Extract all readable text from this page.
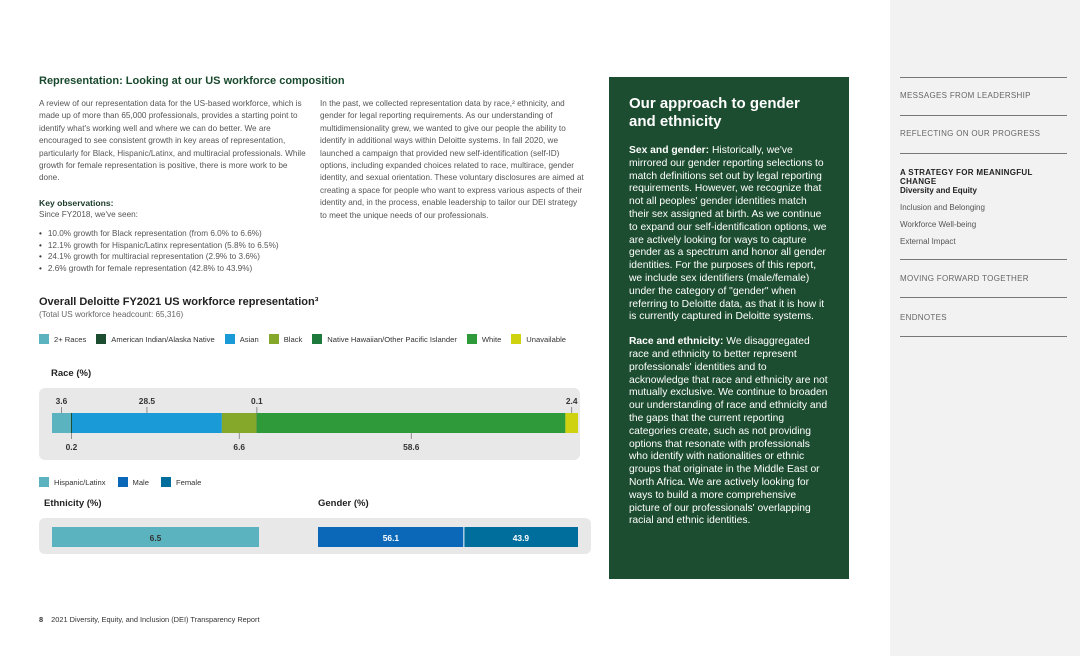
Representation: Looking at our US workforce composition

A review of our representation data for the US-based workforce, which is made up of more than 65,000 professionals, provides a starting point to identify what's working well and where we can do better. We are encouraged to see consistent growth in key areas of representation, particularly for Black, Hispanic/Latinx, and multiracial professionals. While growth for female representation is positive, there is more work to be done.

In the past, we collected representation data by race,² ethnicity, and gender for legal reporting requirements. As our understanding of multidimensionality grew, we wanted to give our people the ability to identify in additional ways within Deloitte systems. In fall 2020, we launched a campaign that provided new self-identification (self-ID) options, including expanded choices related to race, multirace, gender identity, and sexual orientation. These voluntary disclosures are aimed at creating a space for people who want to express various aspects of their identity and, in the process, enable leadership to tailor our DEI strategy to meet the unique needs of our professionals.

Key observations:
Since FY2018, we've seen:
• 10.0% growth for Black representation (from 6.0% to 6.6%)
• 12.1% growth for Hispanic/Latinx representation (5.8% to 6.5%)
• 24.1% growth for multiracial representation (2.9% to 3.6%)
• 2.6% growth for female representation (42.8% to 43.9%)
Overall Deloitte FY2021 US workforce representation³
(Total US workforce headcount: 65,316)
2+ Races	American Indian/Alaska Native	Asian	Black	Native Hawaiian/Other Pacific Islander	White	Unavailable
Race (%)
3.6
0.2
28.5
6.6
0.1
58.6
2.4
Hispanic/Latinx	Male	Female
Ethnicity (%)	Gender (%)
6.5	56.1	43.9
8 2021 Diversity, Equity, and Inclusion (DEI) Transparency Report
Our approach to gender and ethnicity

Sex and gender: Historically, we've mirrored our gender reporting selections to match definitions set out by legal reporting requirements. However, we recognize that not all peoples' gender identities match their sex assigned at birth. As we continue to expand our self-identification options, we are actively looking for ways to capture gender as a spectrum and honor all gender identities. For the purposes of this report, we include sex identifiers (male/female) under the category of "gender" when referring to Deloitte data, as that it is how it is currently captured in Deloitte systems.

Race and ethnicity: We disaggregated race and ethnicity to better represent professionals' identities and to acknowledge that race and ethnicity are not mutually exclusive. We continue to broaden our understanding of race and ethnicity and the gaps that the current reporting categories create, such as not providing options that resonate with professionals who identify with nationalities or ethnic groups that originate in the Middle East or North Africa. We are actively looking for ways to build a more comprehensive picture of our professionals' overlapping racial and ethnic identities.

MESSAGES FROM LEADERSHIP
REFLECTING ON OUR PROGRESS
A STRATEGY FOR MEANINGFUL CHANGE
Diversity and Equity
Inclusion and Belonging
Workforce Well-being
External Impact
MOVING FORWARD TOGETHER
ENDNOTES
